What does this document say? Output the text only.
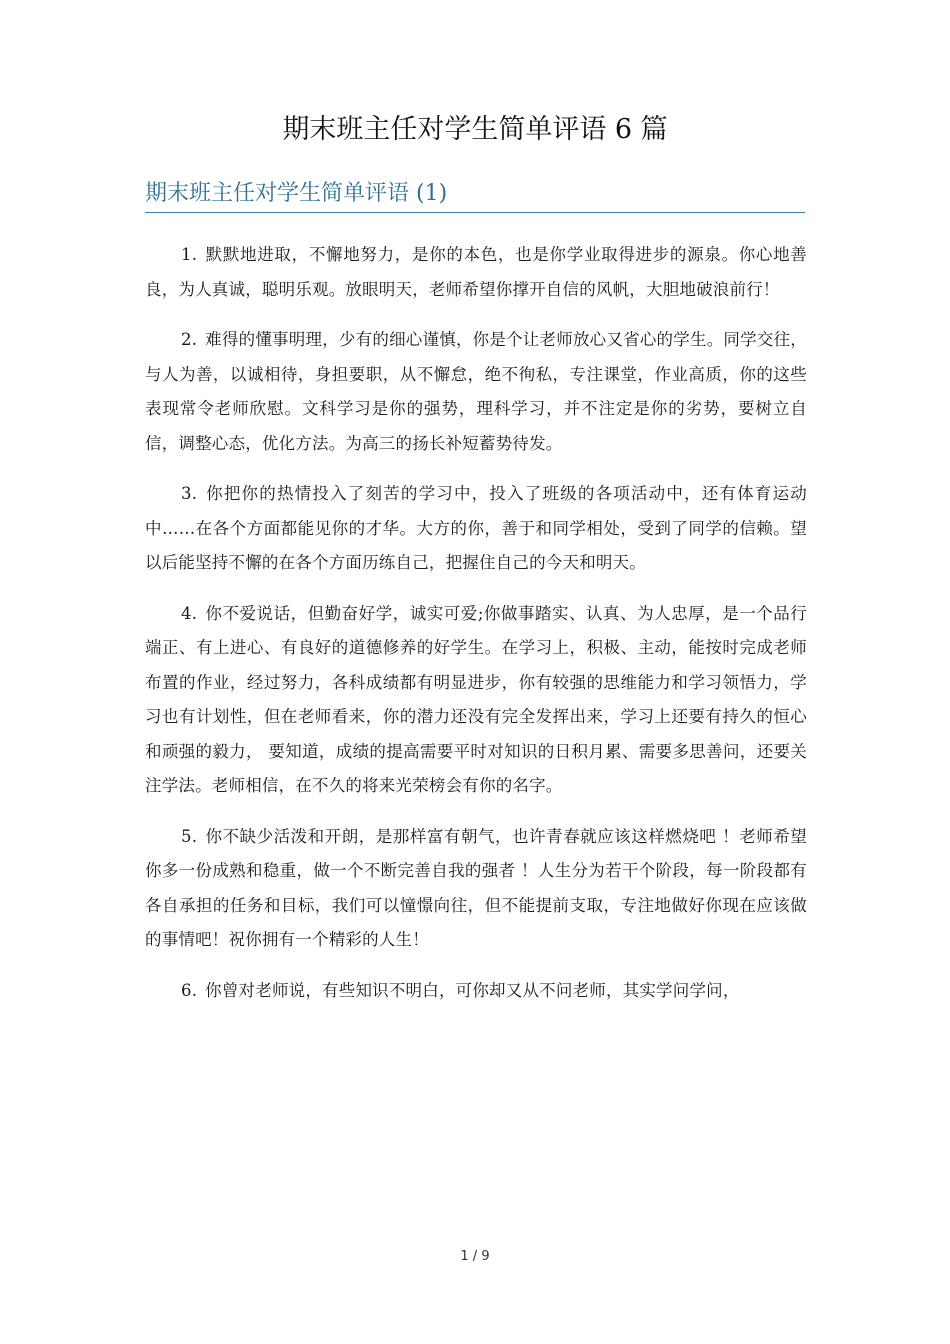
期末班主任对学生简单评语 6 篇
期末班主任对学生简单评语 (1)

1. 默默地进取，不懈地努力，是你的本色，也是你学业取得进步的源泉。你心地善良，为人真诚，聪明乐观。放眼明天，老师希望你撑开自信的风帆，大胆地破浪前行！

2. 难得的懂事明理，少有的细心谨慎，你是个让老师放心又省心的学生。同学交往，与人为善，以诚相待，身担要职，从不懈怠，绝不徇私，专注课堂，作业高质，你的这些表现常令老师欣慰。文科学习是你的强势，理科学习，并不注定是你的劣势，要树立自信，调整心态，优化方法。为高三的扬长补短蓄势待发。

3. 你把你的热情投入了刻苦的学习中，投入了班级的各项活动中，还有体育运动中……在各个方面都能见你的才华。大方的你，善于和同学相处，受到了同学的信赖。望以后能坚持不懈的在各个方面历练自己，把握住自己的今天和明天。

4. 你不爱说话，但勤奋好学，诚实可爱;你做事踏实、认真、为人忠厚，是一个品行端正、有上进心、有良好的道德修养的好学生。在学习上，积极、主动，能按时完成老师布置的作业，经过努力，各科成绩都有明显进步，你有较强的思维能力和学习领悟力，学习也有计划性，但在老师看来，你的潜力还没有完全发挥出来，学习上还要有持久的恒心和顽强的毅力， 要知道，成绩的提高需要平时对知识的日积月累、需要多思善问，还要关注学法。老师相信，在不久的将来光荣榜会有你的名字。

5. 你不缺少活泼和开朗，是那样富有朝气，也许青春就应该这样燃烧吧 ！老师希望你多一份成熟和稳重，做一个不断完善自我的强者 ！人生分为若干个阶段，每一阶段都有各自承担的任务和目标，我们可以憧憬向往，但不能提前支取，专注地做好你现在应该做的事情吧！祝你拥有一个精彩的人生！

6. 你曾对老师说，有些知识不明白，可你却又从不问老师，其实学问学问，

1 / 9
